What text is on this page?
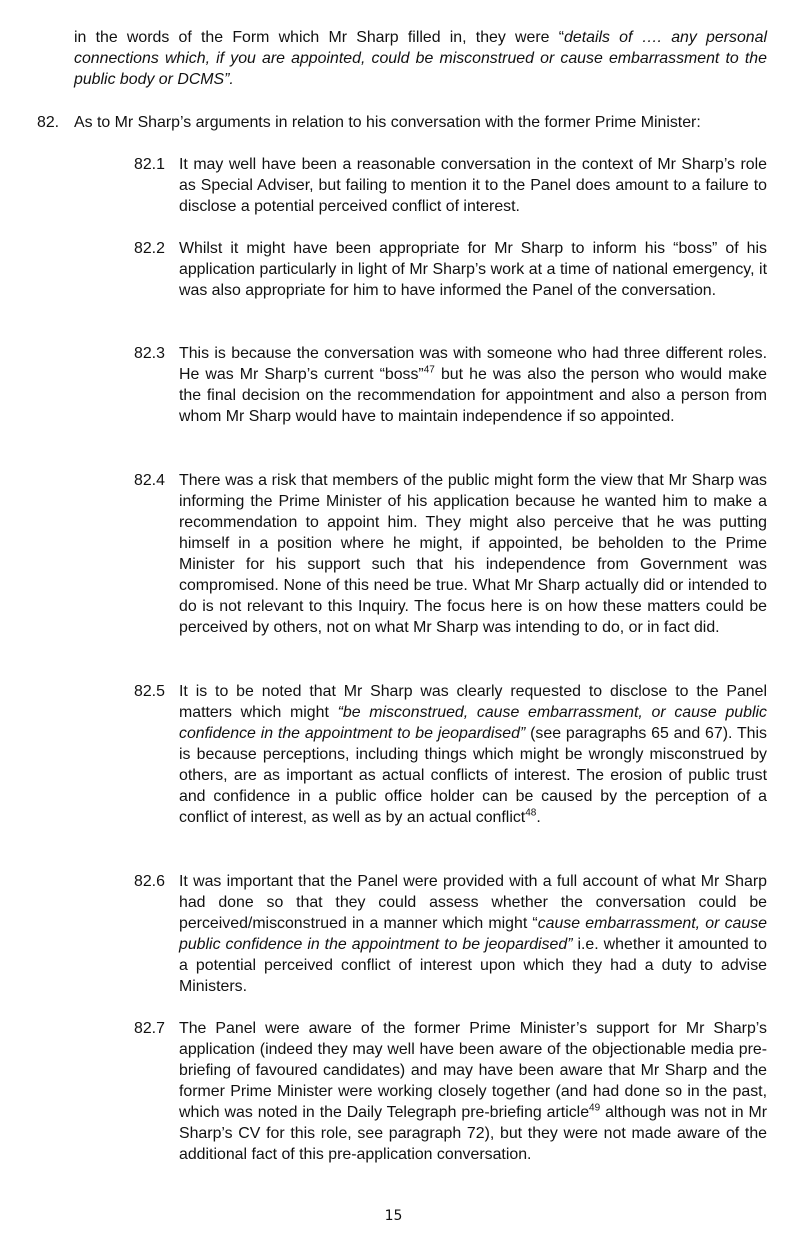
in the words of the Form which Mr Sharp filled in, they were “details of …. any personal connections which, if you are appointed, could be misconstrued or cause embarrassment to the public body or DCMS”.

82. As to Mr Sharp’s arguments in relation to his conversation with the former Prime Minister:

82.1 It may well have been a reasonable conversation in the context of Mr Sharp’s role as Special Adviser, but failing to mention it to the Panel does amount to a failure to disclose a potential perceived conflict of interest.

82.2 Whilst it might have been appropriate for Mr Sharp to inform his “boss” of his application particularly in light of Mr Sharp’s work at a time of national emergency, it was also appropriate for him to have informed the Panel of the conversation.

82.3 This is because the conversation was with someone who had three different roles. He was Mr Sharp’s current “boss”$^{47}$ but he was also the person who would make the final decision on the recommendation for appointment and also a person from whom Mr Sharp would have to maintain independence if so appointed.

82.4 There was a risk that members of the public might form the view that Mr Sharp was informing the Prime Minister of his application because he wanted him to make a recommendation to appoint him. They might also perceive that he was putting himself in a position where he might, if appointed, be beholden to the Prime Minister for his support such that his independence from Government was compromised. None of this need be true. What Mr Sharp actually did or intended to do is not relevant to this Inquiry. The focus here is on how these matters could be perceived by others, not on what Mr Sharp was intending to do, or in fact did.

82.5 It is to be noted that Mr Sharp was clearly requested to disclose to the Panel matters which might “be misconstrued, cause embarrassment, or cause public confidence in the appointment to be jeopardised” (see paragraphs 65 and 67). This is because perceptions, including things which might be wrongly misconstrued by others, are as important as actual conflicts of interest. The erosion of public trust and confidence in a public office holder can be caused by the perception of a conflict of interest, as well as by an actual conflict$^{48}$.

82.6 It was important that the Panel were provided with a full account of what Mr Sharp had done so that they could assess whether the conversation could be perceived/misconstrued in a manner which might “cause embarrassment, or cause public confidence in the appointment to be jeopardised” i.e. whether it amounted to a potential perceived conflict of interest upon which they had a duty to advise Ministers.

82.7 The Panel were aware of the former Prime Minister’s support for Mr Sharp’s application (indeed they may well have been aware of the objectionable media pre-briefing of favoured candidates) and may have been aware that Mr Sharp and the former Prime Minister were working closely together (and had done so in the past, which was noted in the Daily Telegraph pre-briefing article$^{49}$ although was not in Mr Sharp’s CV for this role, see paragraph 72), but they were not made aware of the additional fact of this pre-application conversation.

15
